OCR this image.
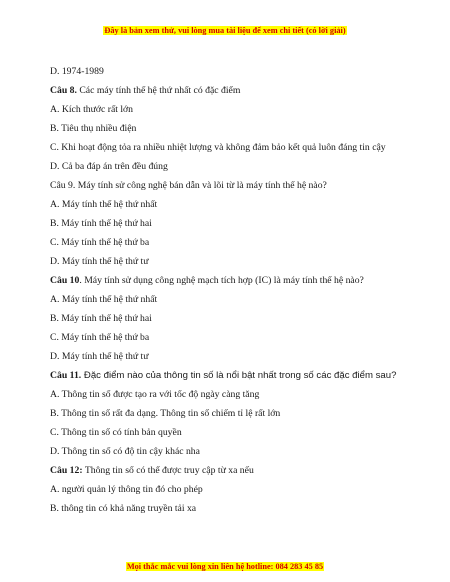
Đây là bản xem thử, vui lòng mua tài liệu để xem chi tiết (có lời giải)
D. 1974-1989
Câu 8. Các máy tính thế hệ thứ nhất có đặc điểm
A. Kích thước rất lớn
B. Tiêu thụ nhiều điện
C. Khi hoạt động tỏa ra nhiều nhiệt lượng và không đảm bảo kết quả luôn đáng tin cậy
D. Cả ba đáp án trên đều đúng
Câu 9. Máy tính sử công nghệ bán dẫn và lõi từ là máy tính thế hệ nào?
A. Máy tính thế hệ thứ nhất
B. Máy tính thế hệ thứ hai
C. Máy tính thế hệ thứ ba
D. Máy tính thế hệ thứ tư
Câu 10. Máy tính sử dụng công nghệ mạch tích hợp (IC) là máy tính thế hệ nào?
A. Máy tính thế hệ thứ nhất
B. Máy tính thế hệ thứ hai
C. Máy tính thế hệ thứ ba
D. Máy tính thế hệ thứ tư
Câu 11. Đặc điểm nào của thông tin số là nổi bật nhất trong số các đặc điểm sau?
A. Thông tin số được tạo ra với tốc độ ngày càng tăng
B. Thông tin số rất đa dạng. Thông tin số chiếm tỉ lệ rất lớn
C. Thông tin số có tính bản quyền
D. Thông tin số có độ tin cậy khác nha
Câu 12: Thông tin số có thể được truy cập từ xa nếu
A. người quản lý thông tin đó cho phép
B. thông tin có khả năng truyền tải xa
Mọi thắc mắc vui lòng xin liên hệ hotline: 084 283 45 85
